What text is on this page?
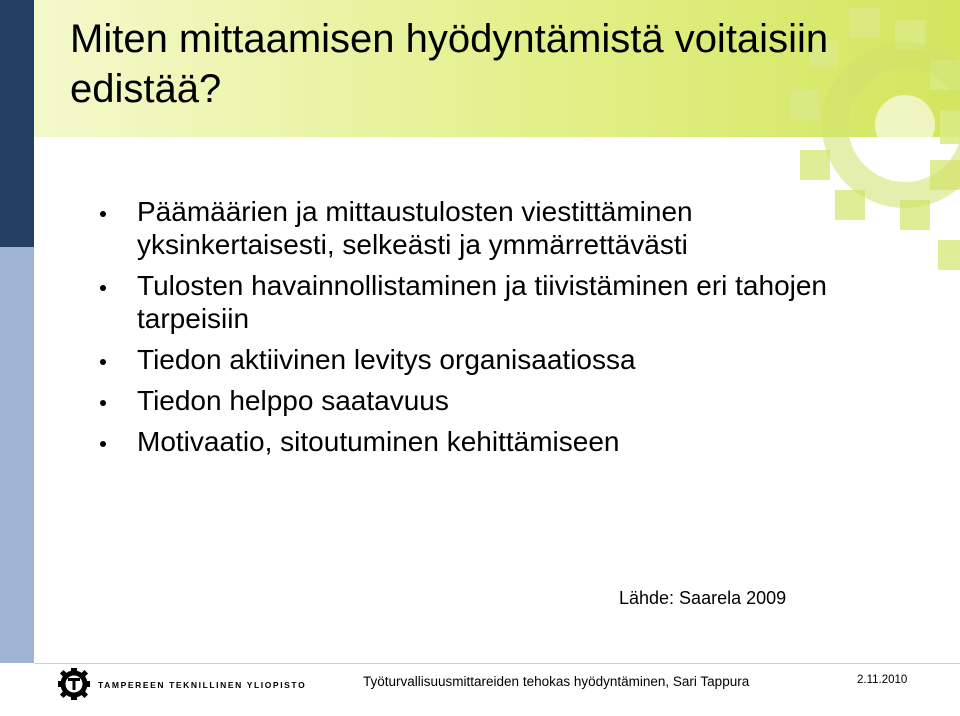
Miten mittaamisen hyödyntämistä voitaisiin edistää?
Päämäärien ja mittaustulosten viestittäminen yksinkertaisesti, selkeästi ja ymmärrettävästi
Tulosten havainnollistaminen ja tiivistäminen eri tahojen tarpeisiin
Tiedon aktiivinen levitys organisaatiossa
Tiedon helppo saatavuus
Motivaatio, sitoutuminen kehittämiseen
Lähde: Saarela 2009
TAMPEREEN TEKNILLINEN YLIOPISTO	Työturvallisuusmittareiden tehokas hyödyntäminen, Sari Tappura	2.11.2010
